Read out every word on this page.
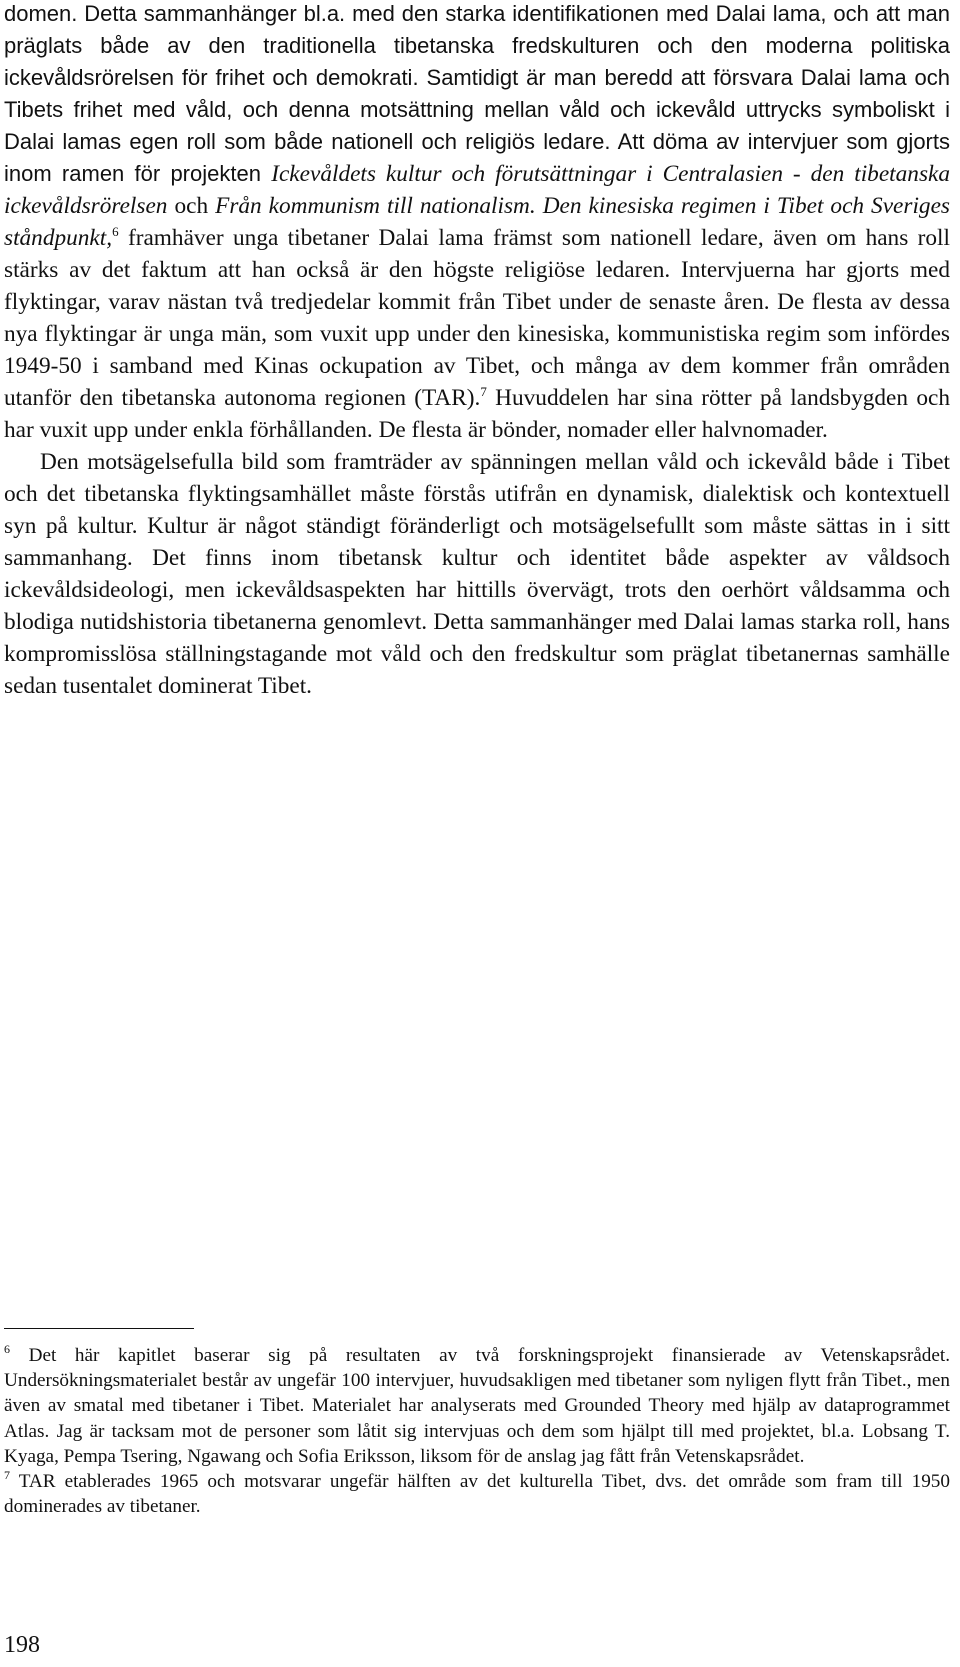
domen. Detta sammanhänger bl.a. med den starka identifikationen med Dalai lama, och att man präglats både av den traditionella tibetanska fredskulturen och den moderna politiska ickevåldsrörelsen för frihet och demokrati. Samtidigt är man beredd att försvara Dalai lama och Tibets frihet med våld, och denna motsättning mellan våld och ickevåld uttrycks symboliskt i Dalai lamas egen roll som både nationell och religiös ledare. Att döma av intervjuer som gjorts inom ramen för projekten Ickevåldets kultur och förutsättningar i Centralasien - den tibetanska ickevåldsrörelsen och Från kommunism till nationalism. Den kinesiska regimen i Tibet och Sveriges ståndpunkt,$^6$ framhäver unga tibetaner Dalai lama främst som nationell ledare, även om hans roll stärks av det faktum att han också är den högste religiöse ledaren. Intervjuerna har gjorts med flyktingar, varav nästan två tredjedelar kommit från Tibet under de senaste åren. De flesta av dessa nya flyktingar är unga män, som vuxit upp under den kinesiska, kommunistiska regim som infördes 1949-50 i samband med Kinas ockupation av Tibet, och många av dem kommer från områden utanför den tibetanska autonoma regionen (TAR).$^7$ Huvuddelen har sina rötter på landsbygden och har vuxit upp under enkla förhållanden. De flesta är bönder, nomader eller halvnomader.

Den motsägelsefulla bild som framträder av spänningen mellan våld och ickevåld både i Tibet och det tibetanska flyktingsamhället måste förstås utifrån en dynamisk, dialektisk och kontextuell syn på kultur. Kultur är något ständigt föränderligt och motsägelsefullt som måste sättas in i sitt sammanhang. Det finns inom tibetansk kultur och identitet både aspekter av våldsoch ickevåldsideologi, men ickevåldsaspekten har hittills övervägt, trots den oerhört våldsamma och blodiga nutidshistoria tibetanerna genomlevt. Detta sammanhänger med Dalai lamas starka roll, hans kompromisslösa ställningstagande mot våld och den fredskultur som präglat tibetanernas samhälle sedan tusentalet dominerat Tibet.

$^6$ Det här kapitlet baserar sig på resultaten av två forskningsprojekt finansierade av Vetenskapsrådet. Undersökningsmaterialet består av ungefär 100 intervjuer, huvudsakligen med tibetaner som nyligen flytt från Tibet., men även av smatal med tibetaner i Tibet. Materialet har analyserats med Grounded Theory med hjälp av dataprogrammet Atlas. Jag är tacksam mot de personer som låtit sig intervjuas och dem som hjälpt till med projektet, bl.a. Lobsang T. Kyaga, Pempa Tsering, Ngawang och Sofia Eriksson, liksom för de anslag jag fått från Vetenskapsrådet.

$^7$ TAR etablerades 1965 och motsvarar ungefär hälften av det kulturella Tibet, dvs. det område som fram till 1950 dominerades av tibetaner.

198
